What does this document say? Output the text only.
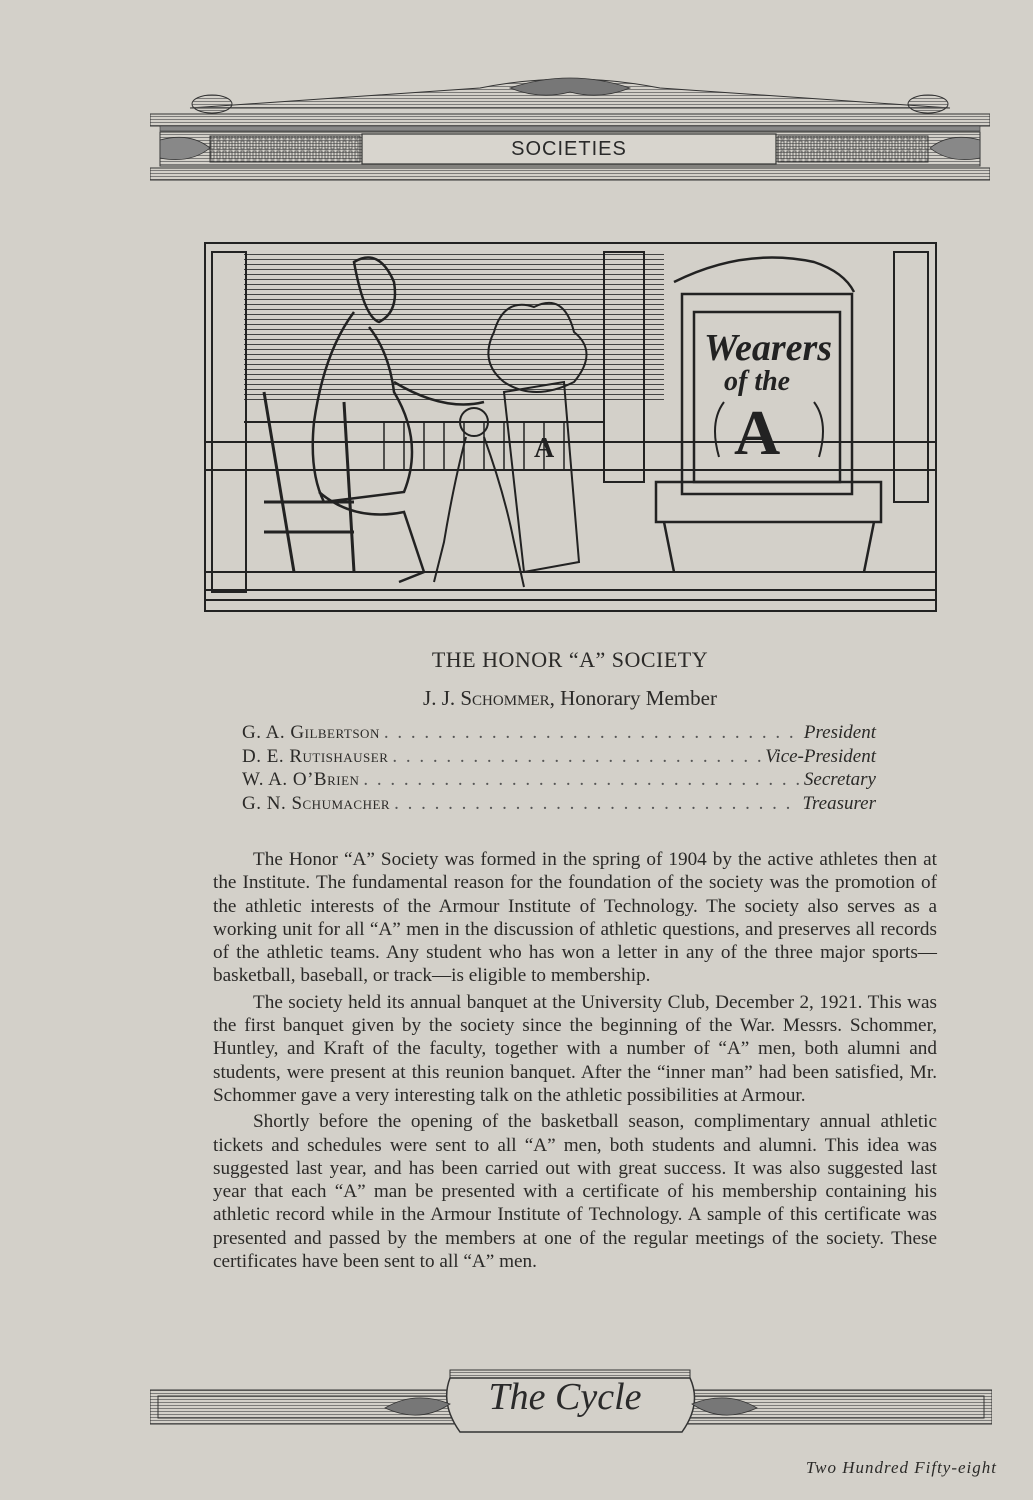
SOCIETIES
A
Wearers
of the
A
THE HONOR “A” SOCIETY
J. J. Schommer, Honorary Member
G. A. Gilbertson . . .	President
D. E. Rutishauser . . .	Vice-President
W. A. O’Brien . . .	Secretary
G. N. Schumacher . . .	Treasurer

The Honor “A” Society was formed in the spring of 1904 by the active athletes then at the Institute. The fundamental reason for the foundation of the society was the promotion of the athletic interests of the Armour Institute of Technology. The society also serves as a working unit for all “A” men in the discussion of athletic questions, and preserves all records of the athletic teams. Any student who has won a letter in any of the three major sports—basketball, baseball, or track—is eligible to membership.

The society held its annual banquet at the University Club, December 2, 1921. This was the first banquet given by the society since the beginning of the War. Messrs. Schommer, Huntley, and Kraft of the faculty, together with a number of “A” men, both alumni and students, were present at this reunion banquet. After the “inner man” had been satisfied, Mr. Schommer gave a very interesting talk on the athletic possibilities at Armour.

Shortly before the opening of the basketball season, complimentary annual athletic tickets and schedules were sent to all “A” men, both students and alumni. This idea was suggested last year, and has been carried out with great success. It was also suggested last year that each “A” man be presented with a certificate of his membership containing his athletic record while in the Armour Institute of Technology. A sample of this certificate was presented and passed by the members at one of the regular meetings of the society. These certificates have been sent to all “A” men.

The Cycle
Two Hundred Fifty-eight
